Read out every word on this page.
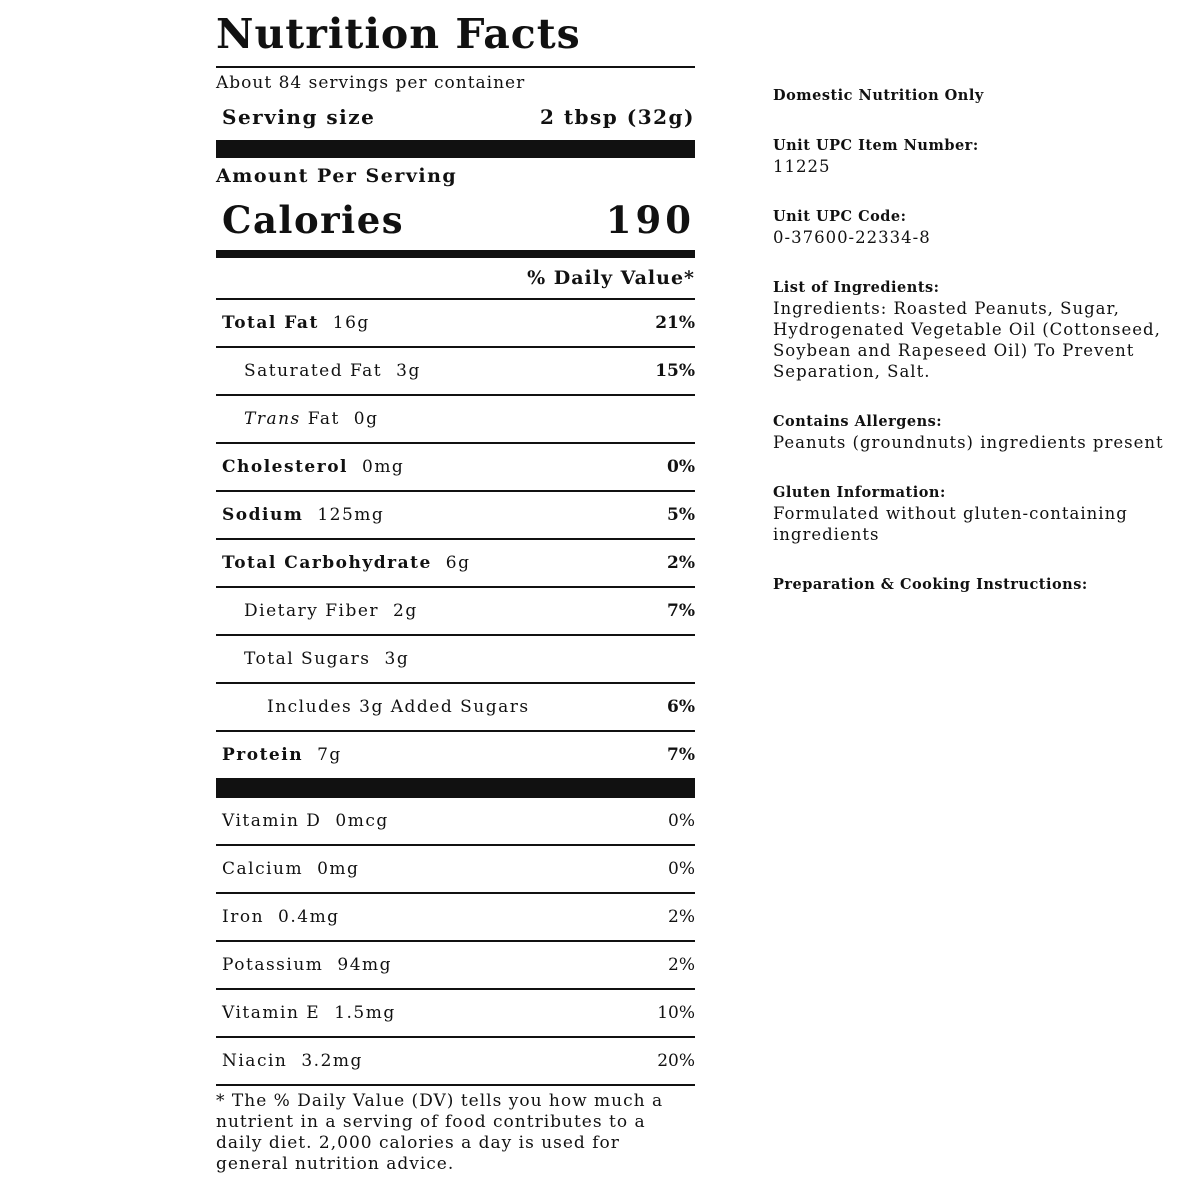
Nutrition Facts
About 84 servings per container
Serving size	2 tbsp (32g)
Amount Per Serving
Calories	190
% Daily Value*
Total Fat 16g	21%
Saturated Fat 3g	15%
Trans Fat 0g
Cholesterol 0mg	0%
Sodium 125mg	5%
Total Carbohydrate 6g	2%
Dietary Fiber 2g	7%
Total Sugars 3g
Includes 3g Added Sugars	6%
Protein 7g	7%
Vitamin D 0mcg	0%
Calcium 0mg	0%
Iron 0.4mg	2%
Potassium 94mg	2%
Vitamin E 1.5mg	10%
Niacin 3.2mg	20%
* The % Daily Value (DV) tells you how much a nutrient in a serving of food contributes to a daily diet. 2,000 calories a day is used for general nutrition advice.
Domestic Nutrition Only
Unit UPC Item Number:
11225
Unit UPC Code:
0-37600-22334-8
List of Ingredients:
Ingredients: Roasted Peanuts, Sugar, Hydrogenated Vegetable Oil (Cottonseed, Soybean and Rapeseed Oil) To Prevent Separation, Salt.
Contains Allergens:
Peanuts (groundnuts) ingredients present
Gluten Information:
Formulated without gluten-containing ingredients
Preparation & Cooking Instructions:
